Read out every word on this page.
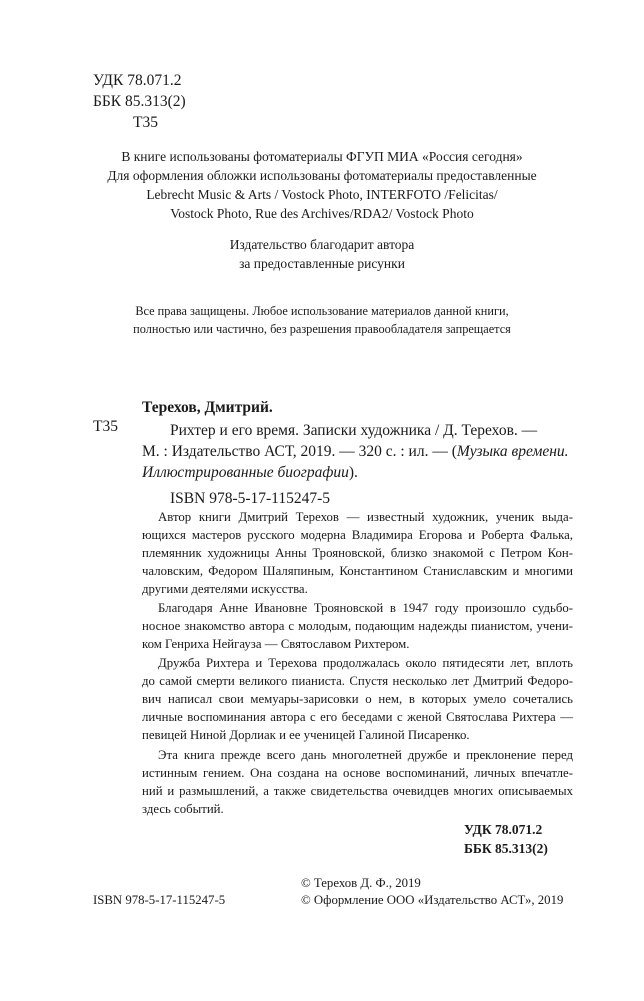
УДК 78.071.2
ББК 85.313(2)
Т35
В книге использованы фотоматериалы ФГУП МИА «Россия сегодня»
Для оформления обложки использованы фотоматериалы предоставленные
Lebrecht Music & Arts / Vostock Photo, INTERFOTO /Felicitas/
Vostock Photo, Rue des Archives/RDA2/ Vostock Photo
Издательство благодарит автора
за предоставленные рисунки
Все права защищены. Любое использование материалов данной книги,
полностью или частично, без разрешения правообладателя запрещается
Т35
Терехов, Дмитрий.
Рихтер и его время. Записки художника / Д. Терехов. —
М. : Издательство АСТ, 2019. — 320 с. : ил. — (Музыка времени.
Иллюстрированные биографии).
ISBN 978-5-17-115247-5
Автор книги Дмитрий Терехов — известный художник, ученик выда-
ющихся мастеров русского модерна Владимира Егорова и Роберта Фалька,
племянник художницы Анны Трояновской, близко знакомой с Петром Кон-
чаловским, Федором Шаляпиным, Константином Станиславским и многими
другими деятелями искусства.
Благодаря Анне Ивановне Трояновской в 1947 году произошло судьбо-
носное знакомство автора с молодым, подающим надежды пианистом, учени-
ком Генриха Нейгауза — Святославом Рихтером.
Дружба Рихтера и Терехова продолжалась около пятидесяти лет, вплоть
до самой смерти великого пианиста. Спустя несколько лет Дмитрий Федоро-
вич написал свои мемуары-зарисовки о нем, в которых умело сочетались
личные воспоминания автора с его беседами с женой Святослава Рихтера —
певицей Ниной Дорлиак и ее ученицей Галиной Писаренко.
Эта книга прежде всего дань многолетней дружбе и преклонение перед
истинным гением. Она создана на основе воспоминаний, личных впечатле-
ний и размышлений, а также свидетельства очевидцев многих описываемых
здесь событий.
УДК 78.071.2
ББК 85.313(2)
ISBN 978-5-17-115247-5
© Терехов Д. Ф., 2019
© Оформление ООО «Издательство АСТ», 2019
